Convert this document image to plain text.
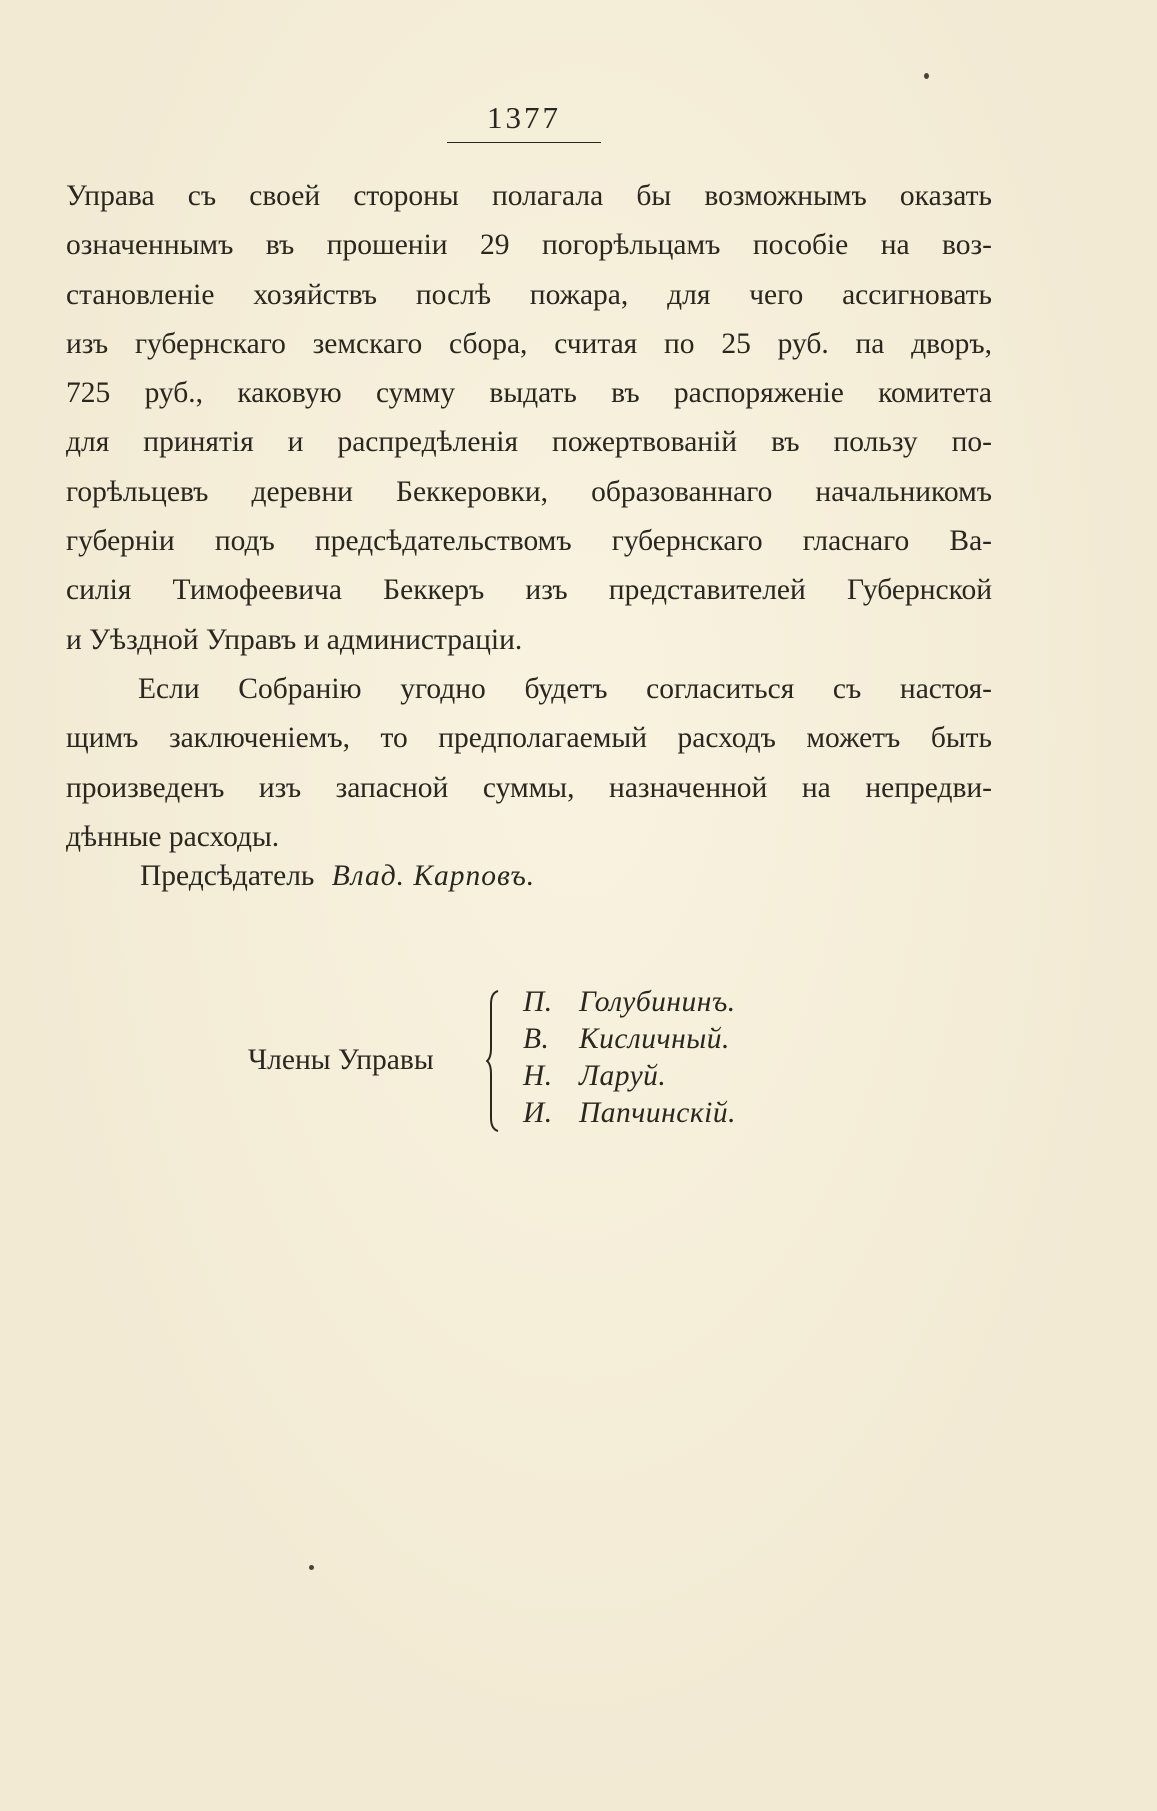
1377
Управа съ своей стороны полагала бы возможнымъ оказать
означеннымъ въ прошеніи 29 погорѣльцамъ пособіе на воз-
становленіе хозяйствъ послѣ пожара, для чего ассигновать
изъ губернскаго земскаго сбора, считая по 25 руб. па дворъ,
725 руб., каковую сумму выдать въ распоряженіе комитета
для принятія и распредѣленія пожертвованій въ пользу по-
горѣльцевъ деревни Беккеровки, образованнаго начальникомъ
губерніи подъ предсѣдательствомъ губернскаго гласнаго Ва-
силія Тимофеевича Беккеръ изъ представителей Губернской
и Уѣздной Управъ и администраціи.
Если Собранію угодно будетъ согласиться съ настоя-
щимъ заключеніемъ, то предполагаемый расходъ можетъ быть
произведенъ изъ запасной суммы, назначенной на непредви-
дѣнные расходы.
Предсѣдатель Влад. Карповъ.
Члены Управы
П. Голубининъ.
В. Кисличный.
Н. Ларуй.
И. Папчинскій.
